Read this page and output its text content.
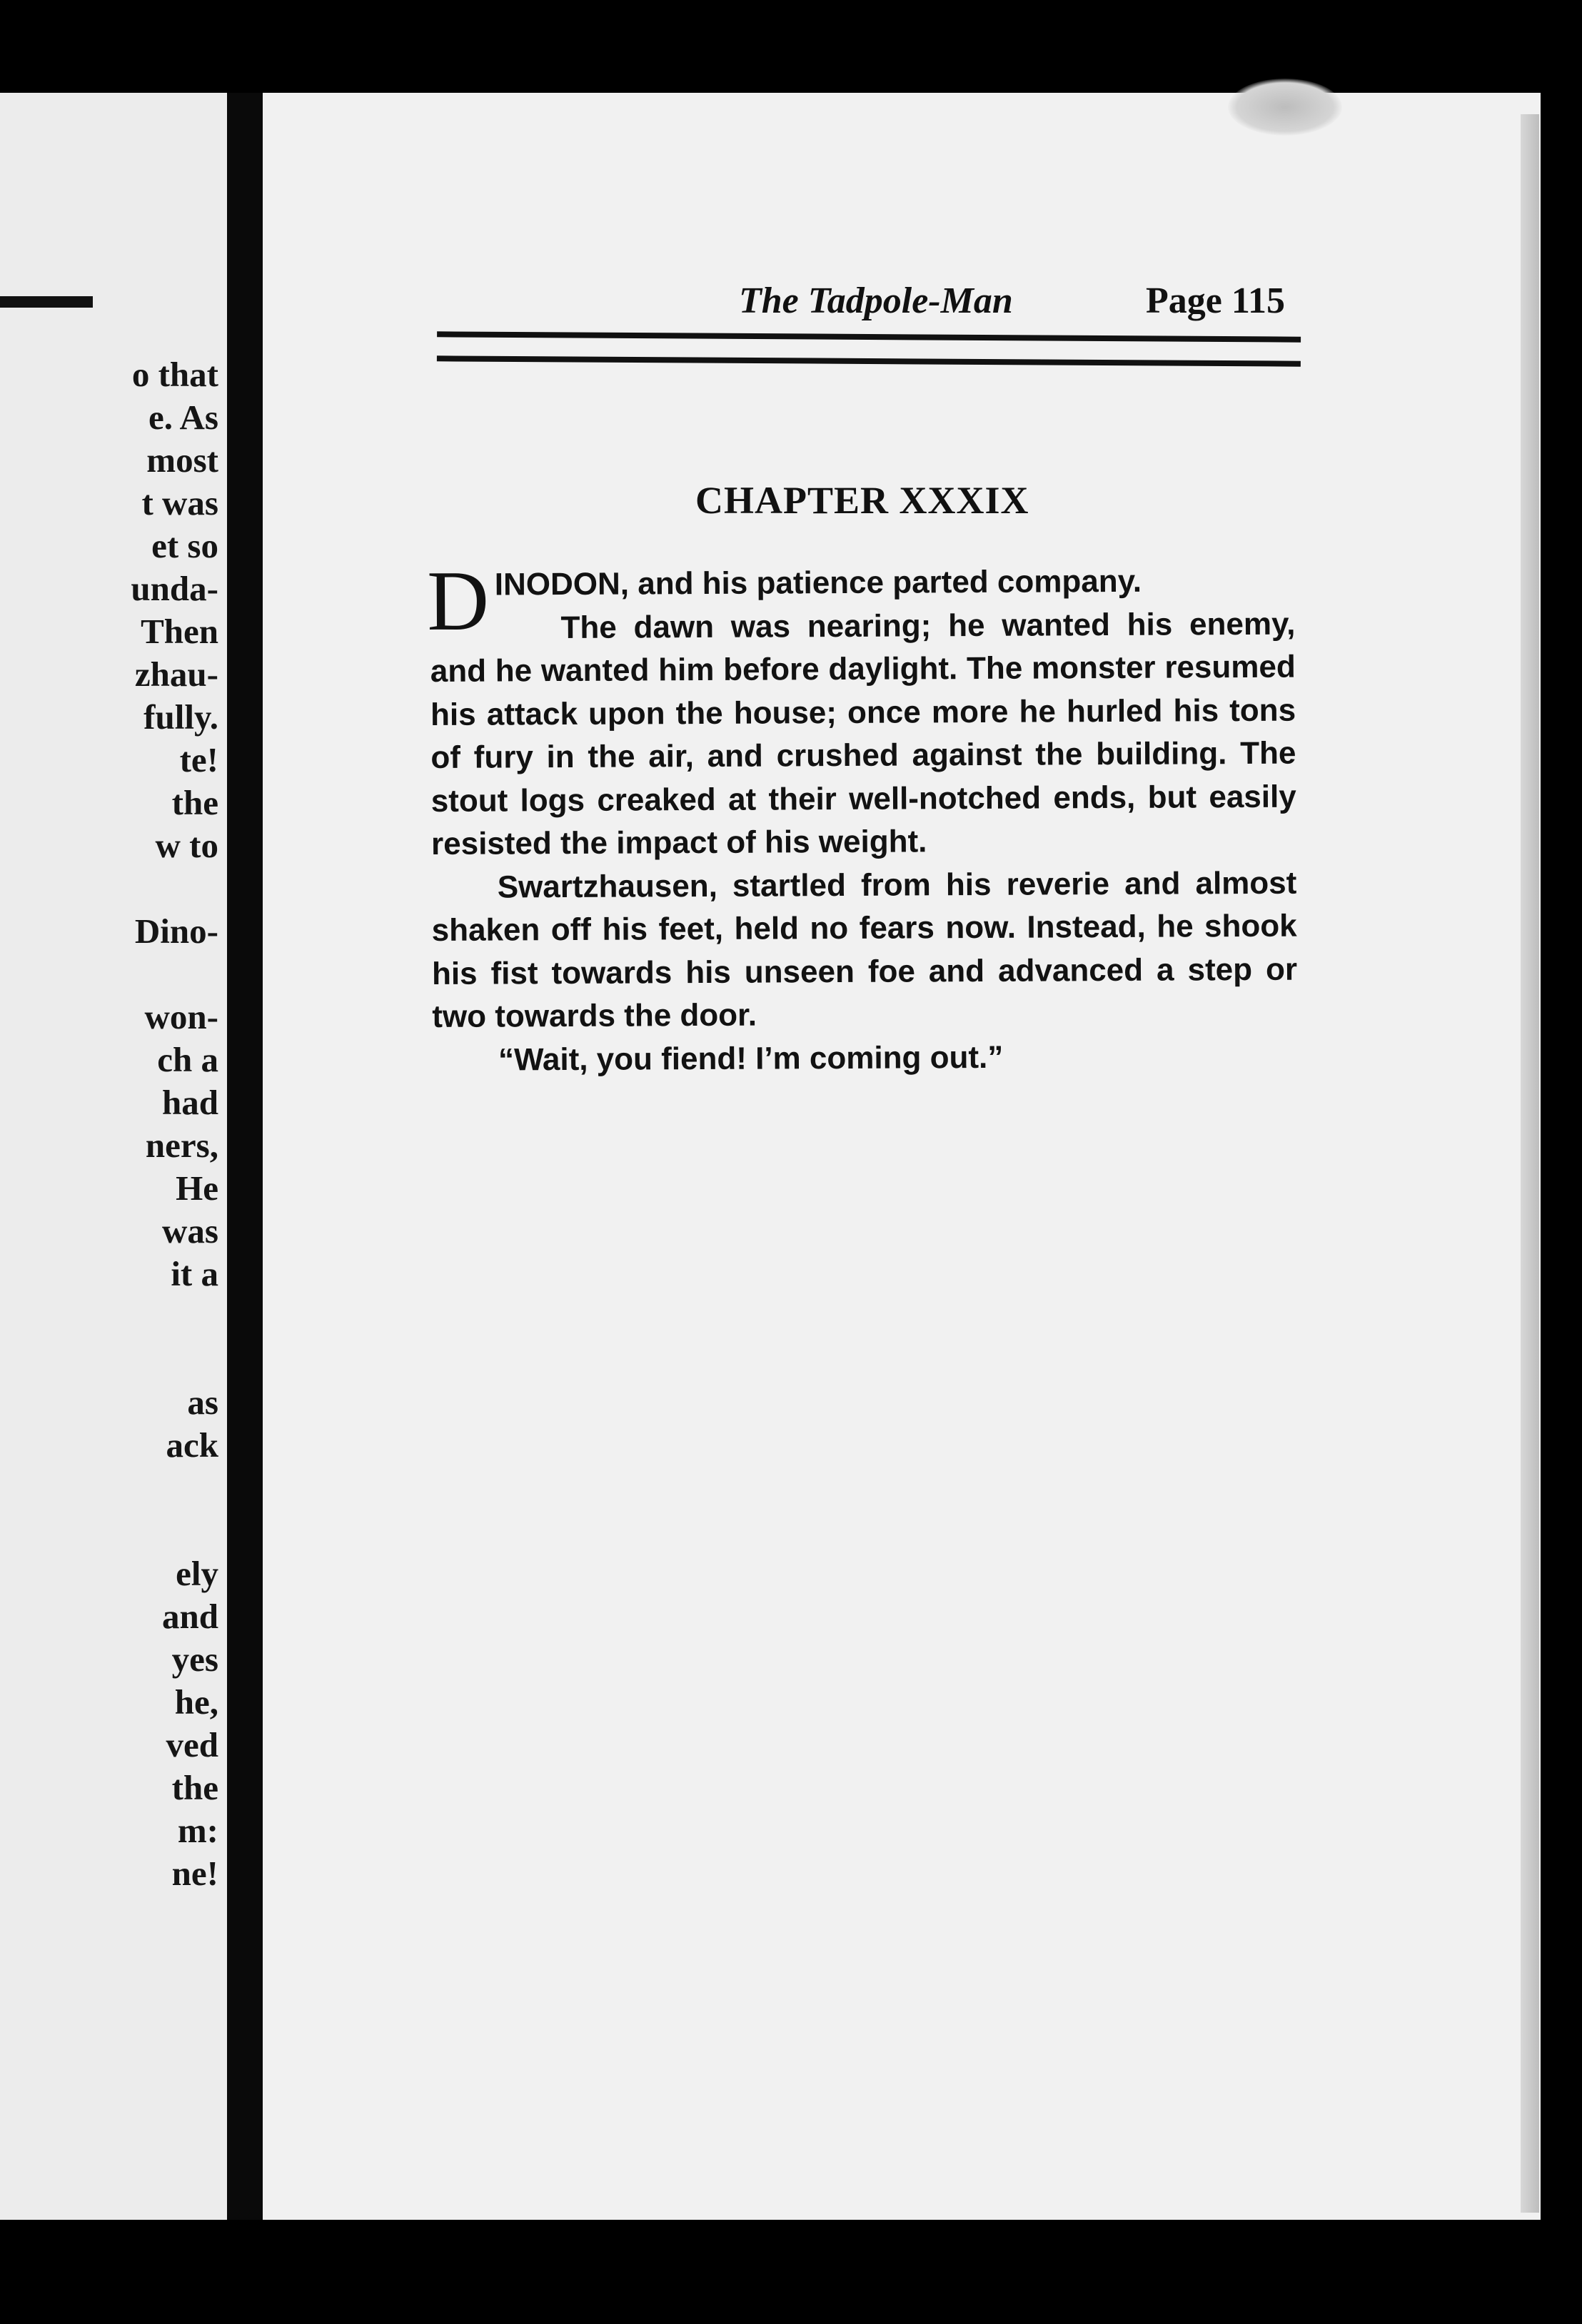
o that
e. As
most
t was
et so
unda-
Then
zhau-
fully.
te!
the
w to
Dino-
won-
ch a
had
ners,
He
was
it a
as
ack
ely
and
yes
he,
ved
the
m:
ne!

The Tadpole-Man	Page 115
CHAPTER XXXIX

DINODON, and his patience parted company.

The dawn was nearing; he wanted his enemy, and he wanted him before daylight. The monster resumed his attack upon the house; once more he hurled his tons of fury in the air, and crushed against the building. The stout logs creaked at their well-notched ends, but easily resisted the impact of his weight.

Swartzhausen, startled from his reverie and almost shaken off his feet, held no fears now. Instead, he shook his fist towards his unseen foe and advanced a step or two towards the door.

“Wait, you fiend! I’m coming out.”
